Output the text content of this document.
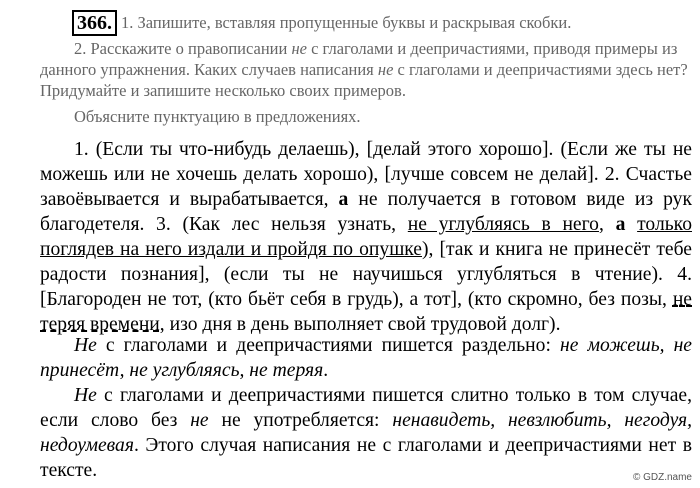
366. 1. Запишите, вставляя пропущенные буквы и раскрывая скобки.
2. Расскажите о правописании не с глаголами и деепричастиями, приводя примеры из данного упражнения. Каких случаев написания не с глаголами и деепричастиями здесь нет? Придумайте и запишите несколько своих примеров.
Объясните пунктуацию в предложениях.
1. (Если ты что-нибудь делаешь), [делай этого хорошо]. (Если же ты не можешь или не хочешь делать хорошо), [лучше совсем не делай]. 2. Счастье завоёвывается и вырабатывается, а не получается в готовом виде из рук благодетеля. 3. (Как лес нельзя узнать, не углубляясь в него, а только поглядев на него издали и пройдя по опушке), [так и книга не принесёт тебе радости познания], (если ты не научишься углубляться в чтение). 4. [Благороден не тот, (кто бьёт себя в грудь), а тот], (кто скромно, без позы, не теряя времени, изо дня в день выполняет свой трудовой долг).
Не с глаголами и деепричастиями пишется раздельно: не можешь, не принесёт, не углубляясь, не теряя.
Не с глаголами и деепричастиями пишется слитно только в том случае, если слово без не не употребляется: ненавидеть, невзлюбить, негодуя, недоумевая. Этого случая написания не с глаголами и деепричастиями нет в тексте.	© GDZ.name
